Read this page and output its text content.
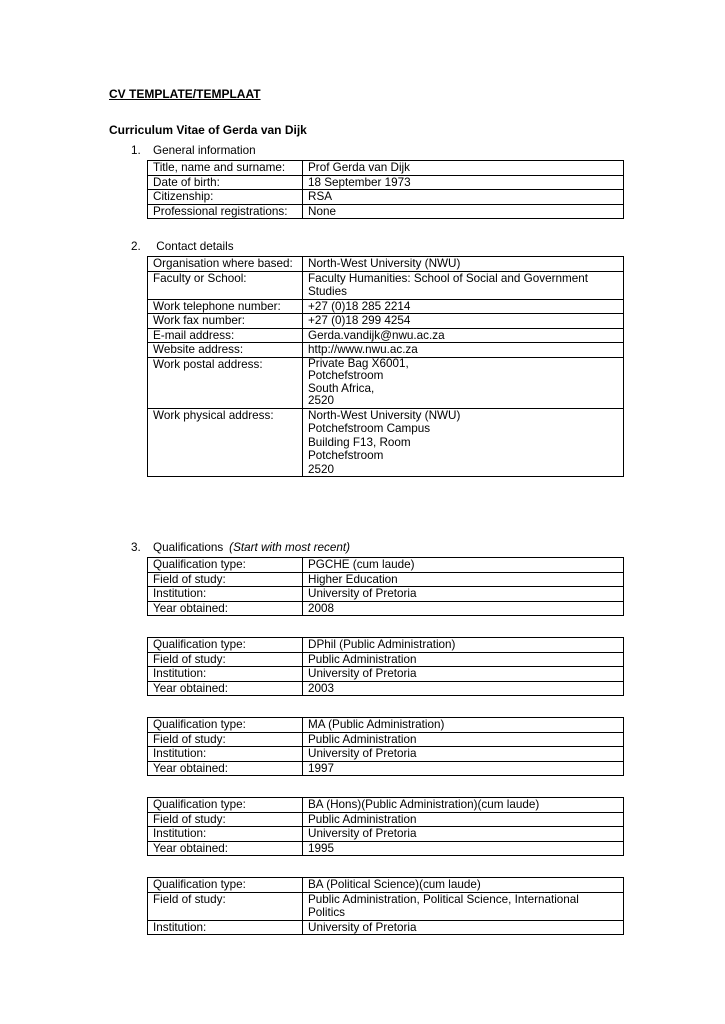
CV TEMPLATE/TEMPLAAT
Curriculum Vitae of Gerda van Dijk
1. General information
Title, name and surname:	Prof Gerda van Dijk
Date of birth:	18 September 1973
Citizenship:	RSA
Professional registrations:	None
2. Contact details
Organisation where based:	North-West University (NWU)
Faculty or School:	Faculty Humanities: School of Social and Government Studies
Work telephone number:	+27 (0)18 285 2214
Work fax number:	+27 (0)18 299 4254
E-mail address:	Gerda.vandijk@nwu.ac.za
Website address:	http://www.nwu.ac.za
Work postal address:	Private Bag X6001,
Potchefstroom
South Africa,
2520

Work physical address:	North-West University (NWU)
Potchefstroom Campus
Building F13, Room
Potchefstroom
2520
3. Qualifications (Start with most recent)
Qualification type:	PGCHE (cum laude)
Field of study:	Higher Education
Institution:	University of Pretoria
Year obtained:	2008
Qualification type:	DPhil (Public Administration)
Field of study:	Public Administration
Institution:	University of Pretoria
Year obtained:	2003
Qualification type:	MA (Public Administration)
Field of study:	Public Administration
Institution:	University of Pretoria
Year obtained:	1997
Qualification type:	BA (Hons)(Public Administration)(cum laude)
Field of study:	Public Administration
Institution:	University of Pretoria
Year obtained:	1995
Qualification type:	BA (Political Science)(cum laude)
Field of study:	Public Administration, Political Science, International Politics
Institution:	University of Pretoria
